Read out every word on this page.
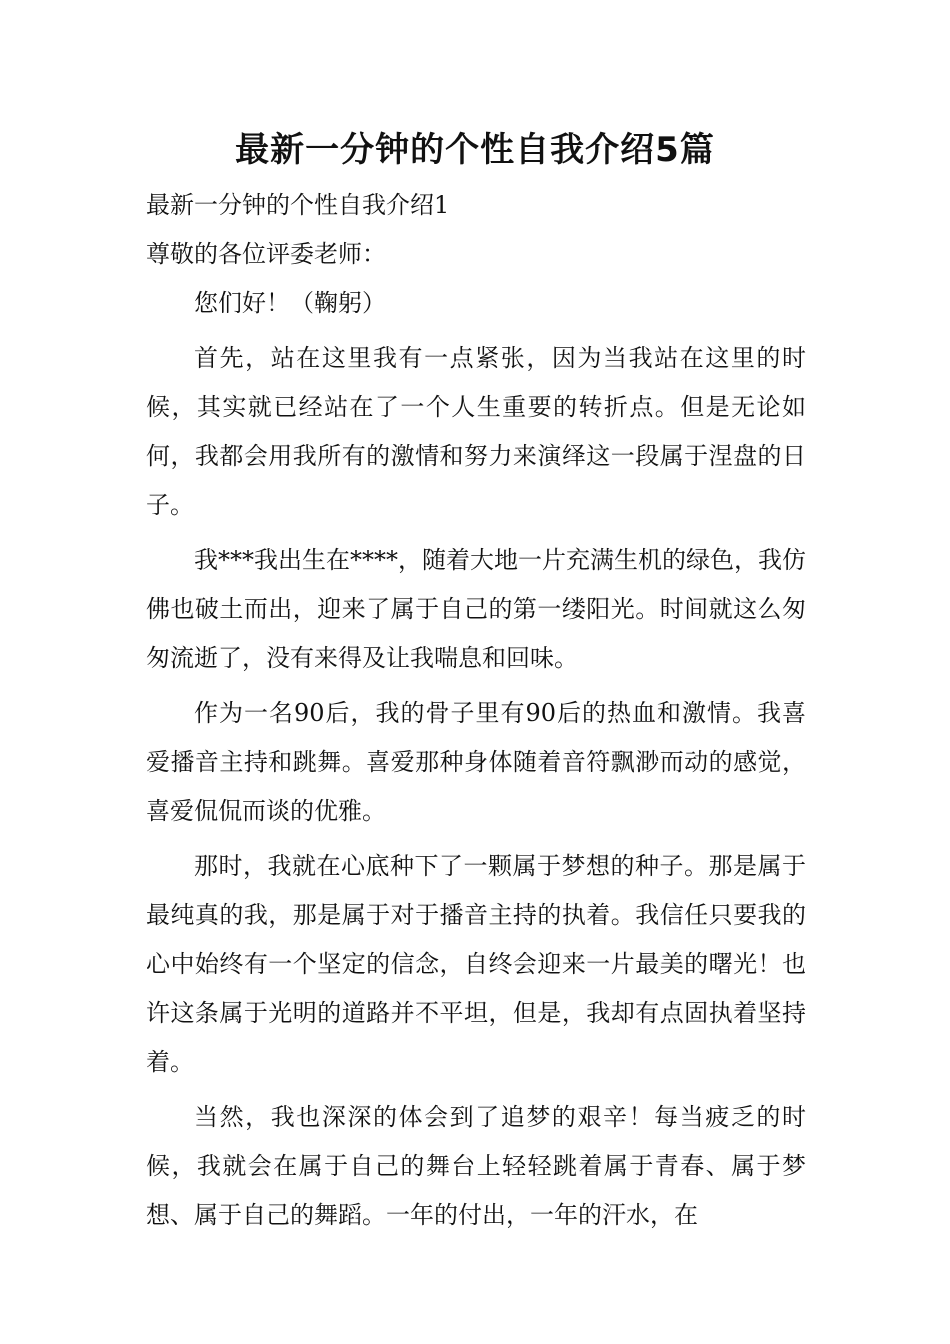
最新一分钟的个性自我介绍5篇

最新一分钟的个性自我介绍1

尊敬的各位评委老师：

您们好！（鞠躬）

首先，站在这里我有一点紧张，因为当我站在这里的时候，其实就已经站在了一个人生重要的转折点。但是无论如何，我都会用我所有的激情和努力来演绎这一段属于涅盘的日子。

我***我出生在****，随着大地一片充满生机的绿色，我仿佛也破土而出，迎来了属于自己的第一缕阳光。时间就这么匆匆流逝了，没有来得及让我喘息和回味。

作为一名90后，我的骨子里有90后的热血和激情。我喜爱播音主持和跳舞。喜爱那种身体随着音符飘渺而动的感觉，喜爱侃侃而谈的优雅。

那时，我就在心底种下了一颗属于梦想的种子。那是属于最纯真的我，那是属于对于播音主持的执着。我信任只要我的心中始终有一个坚定的信念，自终会迎来一片最美的曙光！也许这条属于光明的道路并不平坦，但是，我却有点固执着坚持着。

当然，我也深深的体会到了追梦的艰辛！每当疲乏的时候，我就会在属于自己的舞台上轻轻跳着属于青春、属于梦想、属于自己的舞蹈。一年的付出，一年的汗水，在
